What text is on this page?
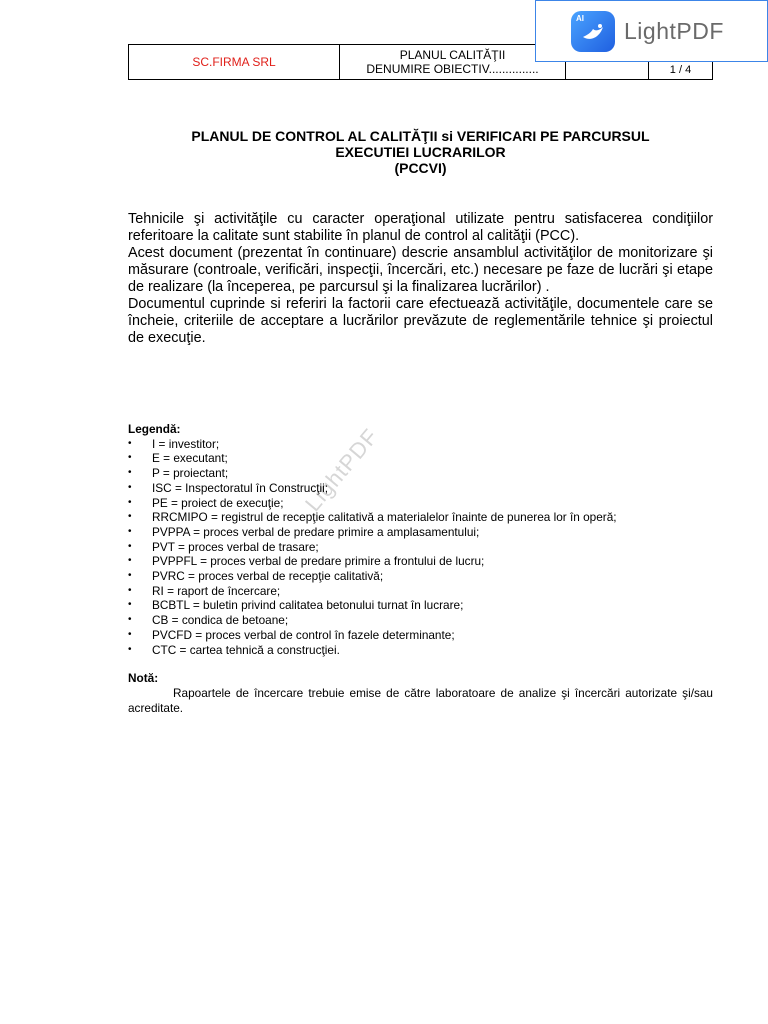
SC.FIRMA SRL	PLANUL CALITĂŢII
DENUMIRE OBIECTIV...............	1 / 4
AI LightPDF
LightPDF
PLANUL DE CONTROL AL CALITĂŢII si VERIFICARI PE PARCURSUL
EXECUTIEI LUCRARILOR
(PCCVI)

Tehnicile şi activităţile cu caracter operaţional utilizate pentru satisfacerea condiţiilor referitoare la calitate sunt stabilite în planul de control al calităţii (PCC).

Acest document (prezentat în continuare) descrie ansamblul activităţilor de monitorizare şi măsurare (controale, verificări, inspecţii, încercări, etc.) necesare pe faze de lucrări şi etape de realizare (la începerea, pe parcursul şi la finalizarea lucrărilor) .

Documentul cuprinde si referiri la factorii care efectuează activităţile, documentele care se încheie, criteriile de acceptare a lucrărilor prevăzute de reglementările tehnice şi proiectul de execuţie.

Legendă:
• I = investitor;
• E = executant;
• P = proiectant;
• ISC = Inspectoratul în Construcţii;
• PE = proiect de execuţie;
• RRCMIPO = registrul de recepţie calitativă a materialelor înainte de punerea lor în operă;
• PVPPA = proces verbal de predare primire a amplasamentului;
• PVT = proces verbal de trasare;
• PVPPFL = proces verbal de predare primire a frontului de lucru;
• PVRC = proces verbal de recepţie calitativă;
• RI = raport de încercare;
• BCBTL = buletin privind calitatea betonului turnat în lucrare;
• CB = condica de betoane;
• PVCFD = proces verbal de control în fazele determinante;
• CTC = cartea tehnică a construcţiei.
Notă:

Rapoartele de încercare trebuie emise de către laboratoare de analize şi încercări autorizate şi/sau acreditate.
